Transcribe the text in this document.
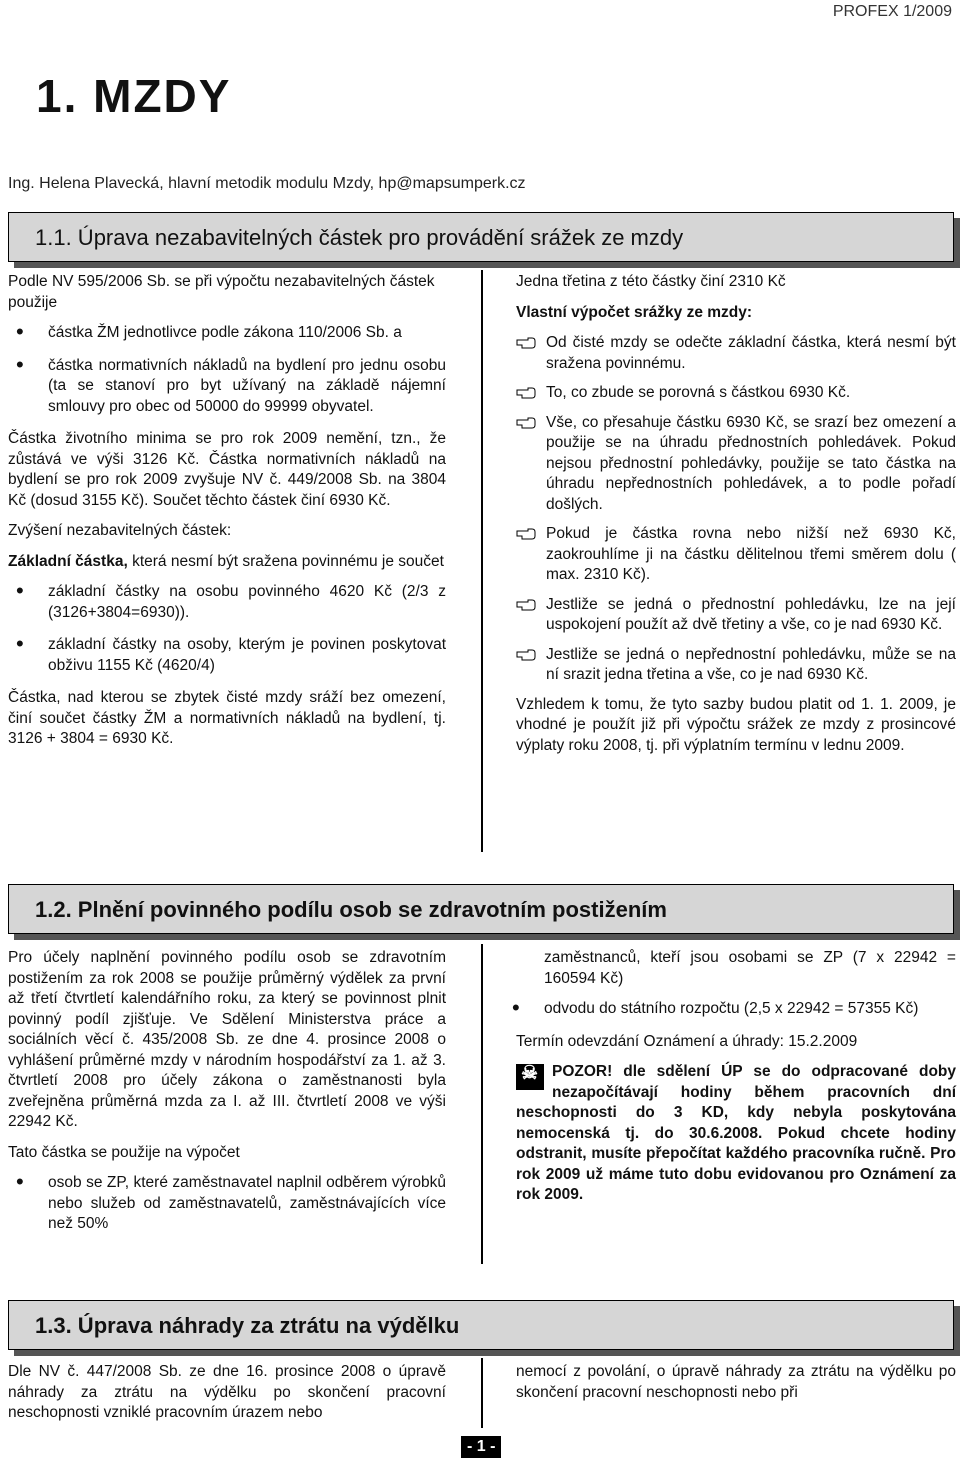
PROFEX 1/2009
1. MZDY
Ing. Helena Plavecká, hlavní metodik modulu Mzdy, hp@mapsumperk.cz
1.1. Úprava nezabavitelných částek pro provádění srážek ze mzdy

Podle NV 595/2006 Sb. se při výpočtu nezabavitelných částek použije

• částka ŽM jednotlivce podle zákona 110/2006 Sb. a
• částka normativních nákladů na bydlení pro jednu osobu (ta se stanoví pro byt užívaný na základě nájemní smlouvy pro obec od 50000 do 99999 obyvatel.

Částka životního minima se pro rok 2009 nemění, tzn., že zůstává ve výši 3126 Kč. Částka normativních nákladů na bydlení se pro rok 2009 zvyšuje NV č. 449/2008 Sb. na 3804 Kč (dosud 3155 Kč). Součet těchto částek činí 6930 Kč.

Zvýšení nezabavitelných částek:

Základní částka, která nesmí být sražena povinnému je součet

• základní částky na osobu povinného 4620 Kč (2/3 z (3126+3804=6930)).
• základní částky na osoby, kterým je povinen poskytovat obživu 1155 Kč (4620/4)

Částka, nad kterou se zbytek čisté mzdy sráží bez omezení, činí součet částky ŽM a normativních nákladů na bydlení, tj. 3126 + 3804 = 6930 Kč.

Jedna třetina z této částky činí 2310 Kč

Vlastní výpočet srážky ze mzdy:

Od čisté mzdy se odečte základní částka, která nesmí být sražena povinnému.
To, co zbude se porovná s částkou 6930 Kč.
Vše, co přesahuje částku 6930 Kč, se srazí bez omezení a použije se na úhradu přednostních pohledávek. Pokud nejsou přednostní pohledávky, použije se tato částka na úhradu nepřednostních pohledávek, a to podle pořadí došlých.
Pokud je částka rovna nebo nižší než 6930 Kč, zaokrouhlíme ji na částku dělitelnou třemi směrem dolu ( max. 2310 Kč).
Jestliže se jedná o přednostní pohledávku, lze na její uspokojení použít až dvě třetiny a vše, co je nad 6930 Kč.
Jestliže se jedná o nepřednostní pohledávku, může se na ní srazit jedna třetina a vše, co je nad 6930 Kč.

Vzhledem k tomu, že tyto sazby budou platit od 1. 1. 2009, je vhodné je použít již při výpočtu srážek ze mzdy z prosincové výplaty roku 2008, tj. při výplatním termínu v lednu 2009.

1.2. Plnění povinného podílu osob se zdravotním postižením

Pro účely naplnění povinného podílu osob se zdravotním postižením za rok 2008 se použije průměrný výdělek za první až třetí čtvrtletí kalendářního roku, za který se povinnost plnit povinný podíl zjišťuje. Ve Sdělení Ministerstva práce a sociálních věcí č. 435/2008 Sb. ze dne 4. prosince 2008 o vyhlášení průměrné mzdy v národním hospodářství za 1. až 3. čtvrtletí 2008 pro účely zákona o zaměstnanosti byla zveřejněna průměrná mzda za I. až III. čtvrtletí 2008 ve výši 22942 Kč.

Tato částka se použije na výpočet

• osob se ZP, které zaměstnavatel naplnil odběrem výrobků nebo služeb od zaměstnavatelů, zaměstnávajících více než 50%

zaměstnanců, kteří jsou osobami se ZP (7 x 22942 = 160594 Kč)

• odvodu do státního rozpočtu (2,5 x 22942 = 57355 Kč)

Termín odevzdání Oznámení a úhrady: 15.2.2009

☠
POZOR! dle sdělení ÚP se do odpracované doby nezapočítávají hodiny během pracovních dní neschopnosti do 3 KD, kdy nebyla poskytována nemocenská tj. do 30.6.2008. Pokud chcete hodiny odstranit, musíte přepočítat každého pracovníka ručně. Pro rok 2009 už máme tuto dobu evidovanou pro Oznámení za rok 2009.

1.3. Úprava náhrady za ztrátu na výdělku
Dle NV č. 447/2008 Sb. ze dne 16. prosince 2008 o úpravě náhrady za ztrátu na výdělku po skončení pracovní neschopnosti vzniklé pracovním úrazem nebo
nemocí z povolání, o úpravě náhrady za ztrátu na výdělku po skončení pracovní neschopnosti nebo při
- 1 -
